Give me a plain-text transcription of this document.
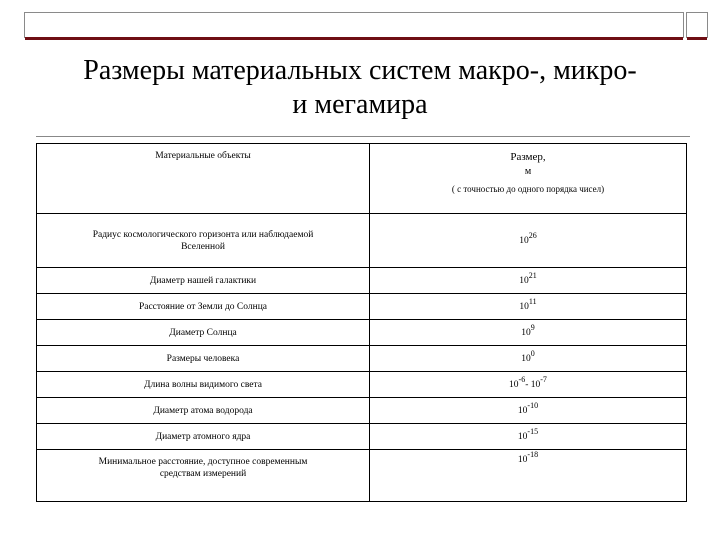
Размеры материальных систем макро-, микро-
и мегамира
Материальные объекты	Размер,
м
( с точностью до одного порядка чисел)

Радиус космологического горизонта или наблюдаемой
Вселенной	$10^{26}$
Диаметр нашей галактики	$10^{21}$
Расстояние от Земли до Солнца	$10^{11}$
Диаметр Солнца	$10^9$
Размеры человека	$10^0$
Длина волны видимого света	$10^{-6}-$ $10^{-7}$
Диаметр атома водорода	$10^{-10}$
Диаметр атомного ядра	$10^{-15}$

Минимальное расстояние, доступное современным
средствам измерений	$10^{-18}$
